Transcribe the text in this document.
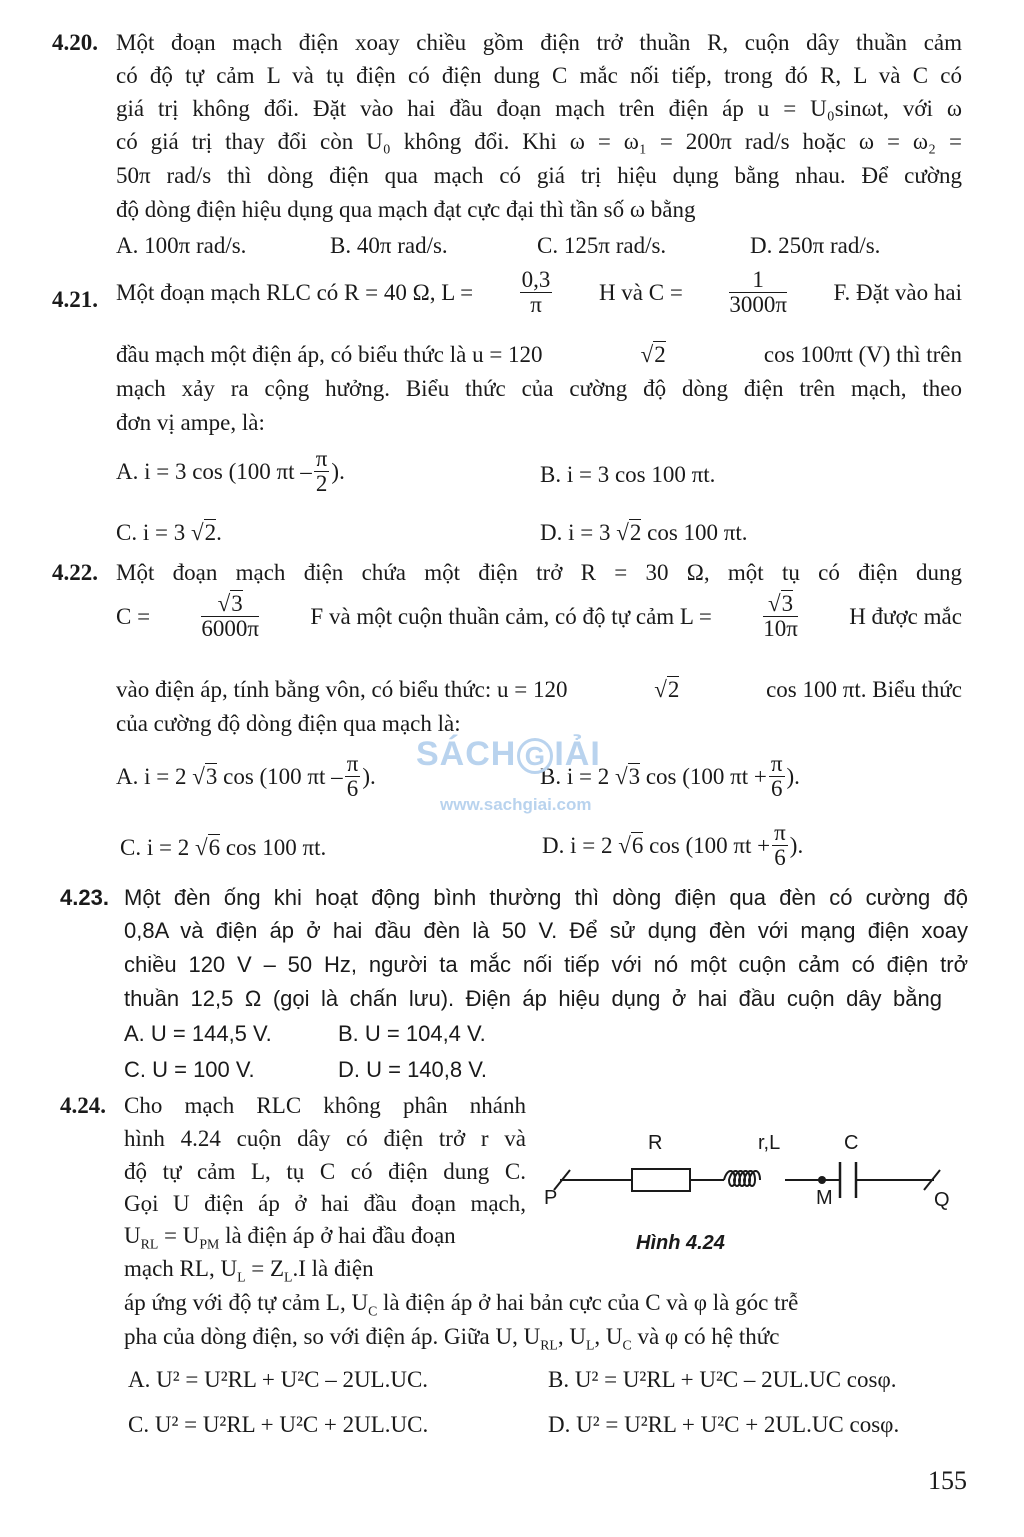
4.20. Một đoạn mạch điện xoay chiều gồm điện trở thuần R, cuộn dây thuần cảm
có độ tự cảm L và tụ điện có điện dung C mắc nối tiếp, trong đó R, L và C có
giá trị không đổi. Đặt vào hai đầu đoạn mạch trên điện áp u = U₀sinωt, với ω
có giá trị thay đổi còn U₀ không đổi. Khi ω = ω₁ = 200π rad/s hoặc ω = ω₂ =
50π rad/s thì dòng điện qua mạch có giá trị hiệu dụng bằng nhau. Để cường
độ dòng điện hiệu dụng qua mạch đạt cực đại thì tần số ω bằng
A. 100π rad/s.	B. 40π rad/s.	C. 125π rad/s.	D. 250π rad/s.
4.21. Một đoạn mạch RLC có R = 40 Ω, $L = \frac{0,3}{\pi}$ H và $C = \frac{1}{3000\pi} F$. Đặt vào hai
đầu mạch một điện áp, có biểu thức là u = 120	√2	cos 100πt (V) thì trên
mạch xảy ra cộng hưởng. Biểu thức của cường độ dòng điện trên mạch, theo
đơn vị ampe, là:
A. i = 3 cos (100 πt – $\frac{\pi}{2}$ ).	B. i = 3 cos 100 πt.
C. i = 3 √2.	D. i = 3 √2 cos 100 πt.
4.22. Một đoạn mạch điện chứa một điện trở R = 30 Ω, một tụ có điện dung
$C = \frac{√3}{6000\pi}$ F và một cuộn thuần cảm, có độ tự cảm $L = \frac{√3}{10\pi}$ H được mắc
vào điện áp, tính bằng vôn, có biểu thức: u = 120	√2	cos 100 πt. Biểu thức
của cường độ dòng điện qua mạch là:
A. i = 2 √ 3
cos (100 πt – $\frac{\pi}{6}$ ).	B. i = 2 √ 3
cos (100 $\pi t + \frac{\pi}{6}$ ).
C. i = 2 √6 cos 100 πt.	D. i = 2 √ 6
cos (100 $\pi t + \frac{\pi}{6}$ ).
SÁCH G IẢI
www.sachgiai.com
4.23. Một đèn ống khi hoạt động bình thường thì dòng điện qua đèn có cường độ
0,8A và điện áp ở hai đầu đèn là 50 V. Để sử dụng đèn với mạng điện xoay
chiều 120 V – 50 Hz, người ta mắc nối tiếp với nó một cuộn cảm có điện trở
thuần 12,5 Ω (gọi là chấn lưu). Điện áp hiệu dụng ở hai đầu cuộn dây bằng
A. U = 144,5 V.	B. U = 104,4 V.
C. U = 100 V.	D. U = 140,8 V.
4.24. Cho mạch RLC không phân nhánh
hình 4.24 cuộn dây có điện trở r và
độ tự cảm L, tụ C có điện dung C.
Gọi U điện áp ở hai đầu đoạn mạch,
$U_{RL} = U_{PM}$ là điện áp ở hai đầu đoạn
mạch RL, $U_L = Z_L.I$ là điện
áp ứng với độ tự cảm L, $U_C$ là điện áp ở hai bản cực của C và φ là góc trễ
pha của dòng điện, so với điện áp. Giữa U, $U_{RL}$, $U_L$, $U_C$ và φ có hệ thức
R	r,L	C
P	M	Q
Hình 4.24
A. U² = U²RL + U²C – 2UL.UC.	B. U² = U²RL + U²C – 2UL.UC cosφ.
C. U² = U²RL + U²C + 2UL.UC.	D. U² = U²RL + U²C + 2UL.UC cosφ.
155
